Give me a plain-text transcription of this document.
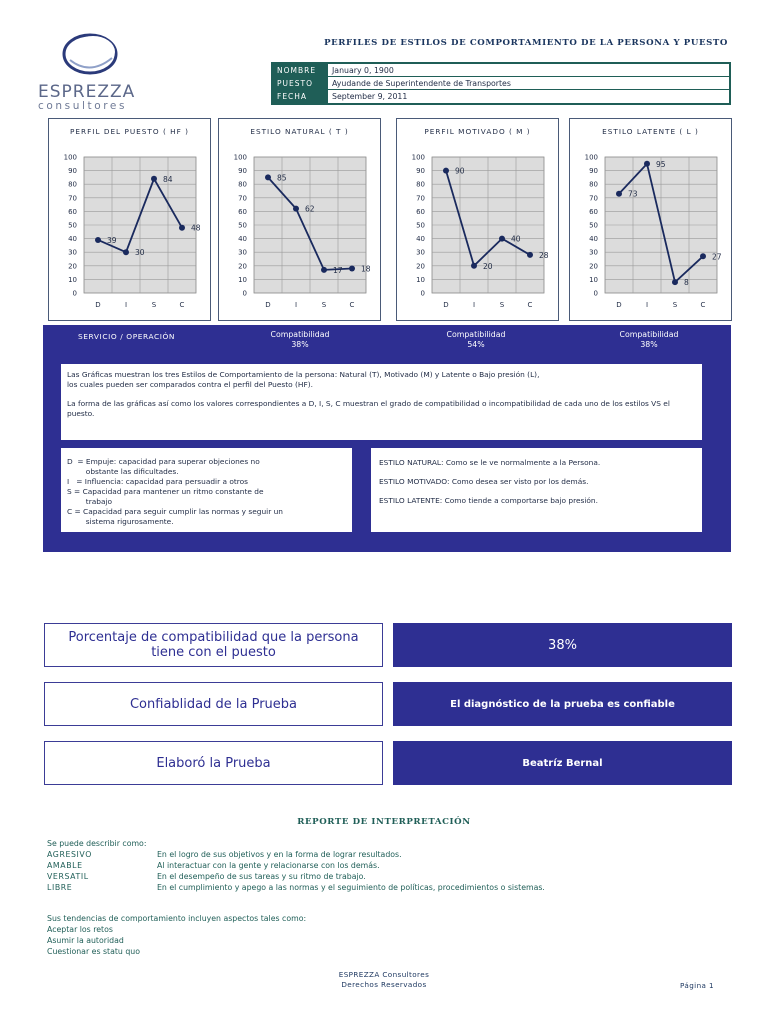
ESPREZZA
consultores
PERFILES DE ESTILOS DE COMPORTAMIENTO DE LA PERSONA Y PUESTO
NOMBRE	January 0, 1900
PUESTO	Ayudande de Superintendente de Transportes
FECHA	September 9, 2011
PERFIL DEL PUESTO ( HF )
0
10
20
30
40
50
60
70
80
90
100
D	I	S	C
39
30
84
48
ESTILO NATURAL ( T )
0
10
20
30
40
50
60
70
80
90
100
D	I	S	C
85
62
17 18
PERFIL MOTIVADO ( M )
0
10
20
30
40
50
60
70
80
90
100
D	I	S	C
90
20
40
28
ESTILO LATENTE ( L )
0
10
20
30
40
50
60
70
80
90
100
D	I	S	C
73
95
8
27
SERVICIO / OPERACIÓN	Compatibilidad
38%
Compatibilidad
54%
Compatibilidad
38%
Las Gráficas muestran los tres Estilos de Comportamiento de la persona: Natural (T), Motivado (M) y Latente o Bajo presión (L),
los cuales pueden ser comparados contra el perfil del Puesto (HF).
La forma de las gráficas así como los valores correspondientes a D, I, S, C muestran el grado de compatibilidad o incompatibilidad de cada uno de los estilos VS el puesto.
D  = Empuje: capacidad para superar objeciones no
obstante las dificultades.
I   = Influencia: capacidad para persuadir a otros
S = Capacidad para mantener un ritmo constante de
trabajo
C = Capacidad para seguir cumplir las normas y seguir un
sistema rigurosamente.
ESTILO NATURAL: Como se le ve normalmente a la Persona.
ESTILO MOTIVADO: Como desea ser visto por los demás.
ESTILO LATENTE: Como tiende a comportarse bajo presión.
Porcentaje de compatibilidad que la persona tiene con el puesto	38%
Confiablidad de la Prueba	El diagnóstico de la prueba es confiable
Elaboró la Prueba	Beatríz Bernal
REPORTE DE INTERPRETACIÓN
Se puede describir como:
AGRESIVO	En el logro de sus objetivos y en la forma de lograr resultados.
AMABLE	Al interactuar con la gente y relacionarse con los demás.
VERSATIL	En el desempeño de sus tareas y su ritmo de trabajo.
LIBRE	En el cumplimiento y apego a las normas y el seguimiento de políticas, procedimientos o sistemas.
Sus tendencias de comportamiento incluyen aspectos tales como:
Aceptar los retos
Asumir la autoridad
Cuestionar es statu quo
ESPREZZA Consultores
Derechos Reservados	Página 1
